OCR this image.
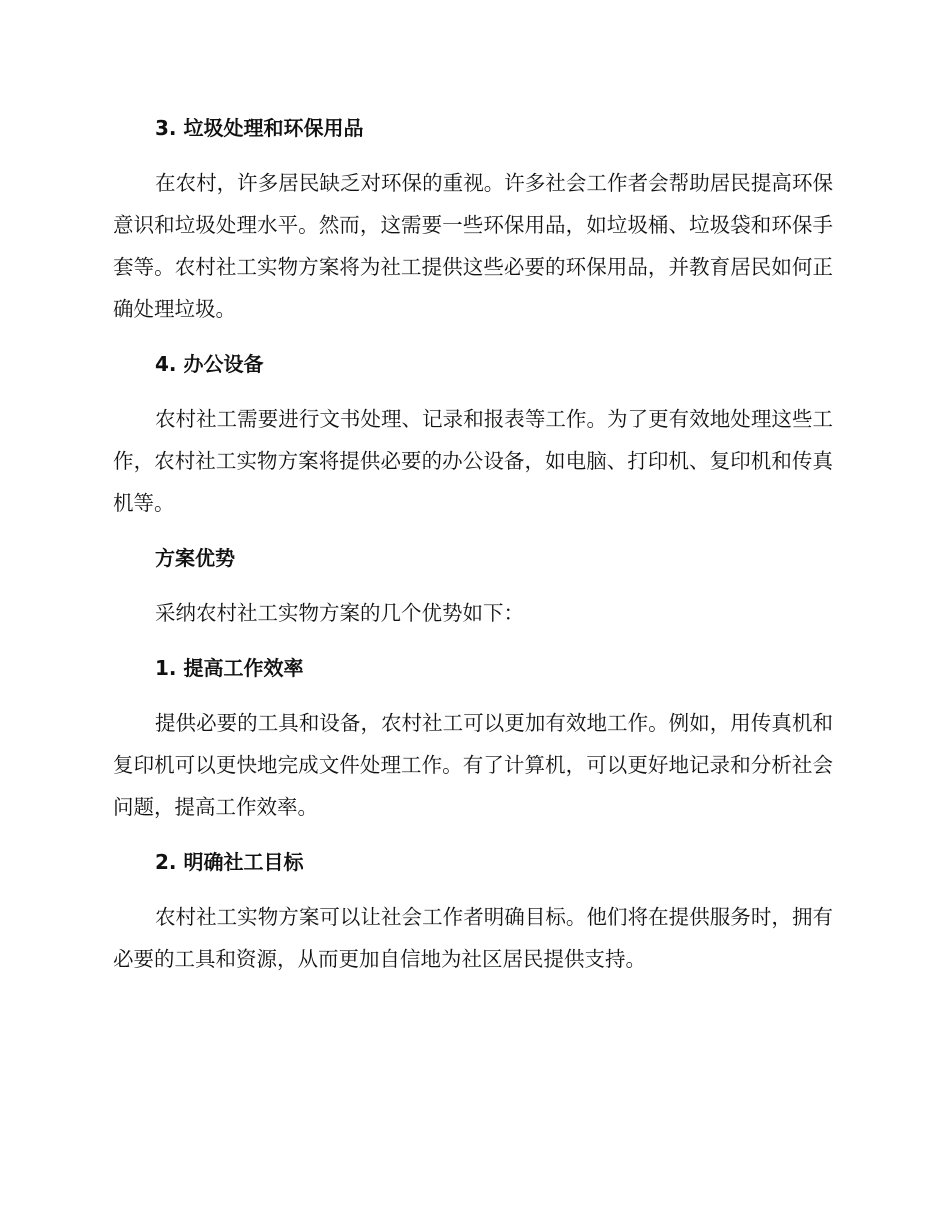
3. 垃圾处理和环保用品

在农村，许多居民缺乏对环保的重视。许多社会工作者会帮助居民提高环保意识和垃圾处理水平。然而，这需要一些环保用品，如垃圾桶、垃圾袋和环保手套等。农村社工实物方案将为社工提供这些必要的环保用品，并教育居民如何正确处理垃圾。

4. 办公设备

农村社工需要进行文书处理、记录和报表等工作。为了更有效地处理这些工作，农村社工实物方案将提供必要的办公设备，如电脑、打印机、复印机和传真机等。

方案优势

采纳农村社工实物方案的几个优势如下：

1. 提高工作效率

提供必要的工具和设备，农村社工可以更加有效地工作。例如，用传真机和复印机可以更快地完成文件处理工作。有了计算机，可以更好地记录和分析社会问题，提高工作效率。

2. 明确社工目标

农村社工实物方案可以让社会工作者明确目标。他们将在提供服务时，拥有必要的工具和资源，从而更加自信地为社区居民提供支持。
